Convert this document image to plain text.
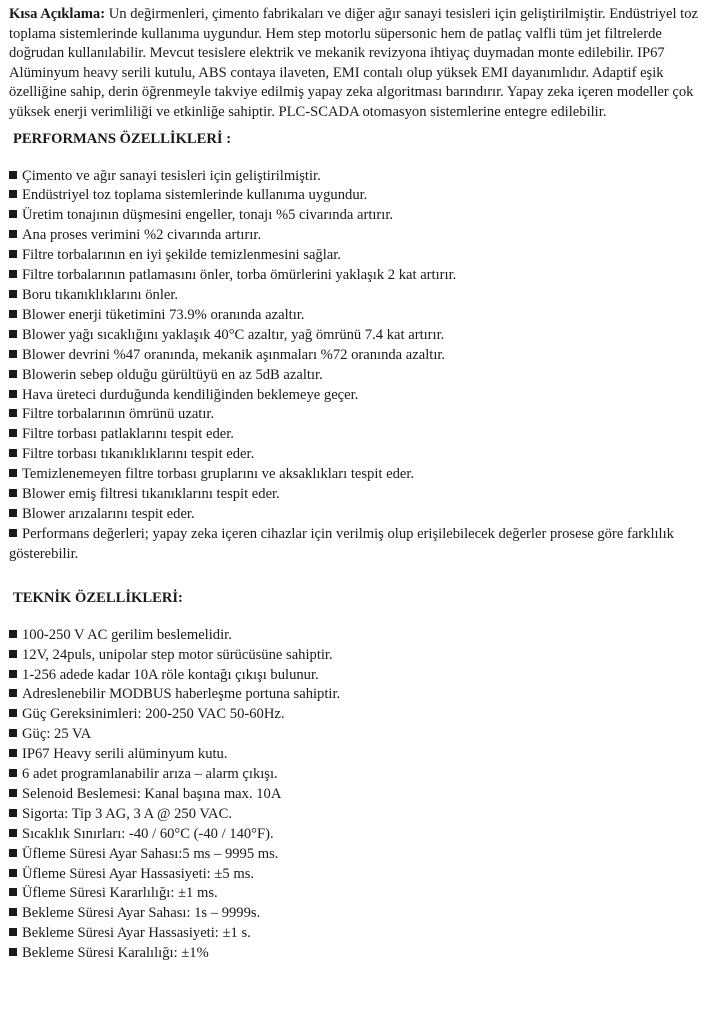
Kısa Açıklama: Un değirmenleri, çimento fabrikaları ve diğer ağır sanayi tesisleri için geliştirilmiştir. Endüstriyel toz toplama sistemlerinde kullanıma uygundur. Hem step motorlu süpersonic hem de patlaç valfli tüm jet filtrelerde doğrudan kullanılabilir. Mevcut tesislere elektrik ve mekanik revizyona ihtiyaç duymadan monte edilebilir. IP67 Alüminyum heavy serili kutulu, ABS contaya ilaveten, EMI contalı olup yüksek EMI dayanımlıdır. Adaptif eşik özelliğine sahip, derin öğrenmeyle takviye edilmiş yapay zeka algoritması barındırır. Yapay zeka içeren modeller çok yüksek enerji verimliliği ve etkinliğe sahiptir. PLC-SCADA otomasyon sistemlerine entegre edilebilir.

PERFORMANS ÖZELLİKLERİ :
Çimento ve ağır sanayi tesisleri için geliştirilmiştir.
Endüstriyel toz toplama sistemlerinde kullanıma uygundur.
Üretim tonajının düşmesini engeller, tonajı %5 civarında artırır.
Ana proses verimini %2 civarında artırır.
Filtre torbalarının en iyi şekilde temizlenmesini sağlar.
Filtre torbalarının patlamasını önler, torba ömürlerini yaklaşık 2 kat artırır.
Boru tıkanıklıklarını önler.
Blower enerji tüketimini 73.9% oranında azaltır.
Blower yağı sıcaklığını yaklaşık 40°C azaltır, yağ ömrünü 7.4 kat artırır.
Blower devrini %47 oranında, mekanik aşınmaları %72 oranında azaltır.
Blowerin sebep olduğu gürültüyü en az 5dB azaltır.
Hava üreteci durduğunda kendiliğinden beklemeye geçer.
Filtre torbalarının ömrünü uzatır.
Filtre torbası patlaklarını tespit eder.
Filtre torbası tıkanıklıklarını tespit eder.
Temizlenemeyen filtre torbası gruplarını ve aksaklıkları tespit eder.
Blower emiş filtresi tıkanıklarını tespit eder.
Blower arızalarını tespit eder.
Performans değerleri; yapay zeka içeren cihazlar için verilmiş olup erişilebilecek değerler prosese göre farklılık gösterebilir.
TEKNİK ÖZELLİKLERİ:
100-250 V AC gerilim beslemelidir.
12V, 24puls, unipolar step motor sürücüsüne sahiptir.
1-256 adede kadar 10A röle kontağı çıkışı bulunur.
Adreslenebilir MODBUS haberleşme portuna sahiptir.
Güç Gereksinimleri: 200-250 VAC 50-60Hz.
Güç: 25 VA
IP67 Heavy serili alüminyum kutu.
6 adet programlanabilir arıza – alarm çıkışı.
Selenoid Beslemesi: Kanal başına max. 10A
Sigorta: Tip 3 AG, 3 A @ 250 VAC.
Sıcaklık Sınırları: -40 / 60°C (-40 / 140°F).
Üfleme Süresi Ayar Sahası:5 ms – 9995 ms.
Üfleme Süresi Ayar Hassasiyeti: ±5 ms.
Üfleme Süresi Kararlılığı: ±1 ms.
Bekleme Süresi Ayar Sahası: 1s – 9999s.
Bekleme Süresi Ayar Hassasiyeti: ±1 s.
Bekleme Süresi Karalılığı: ±1%
